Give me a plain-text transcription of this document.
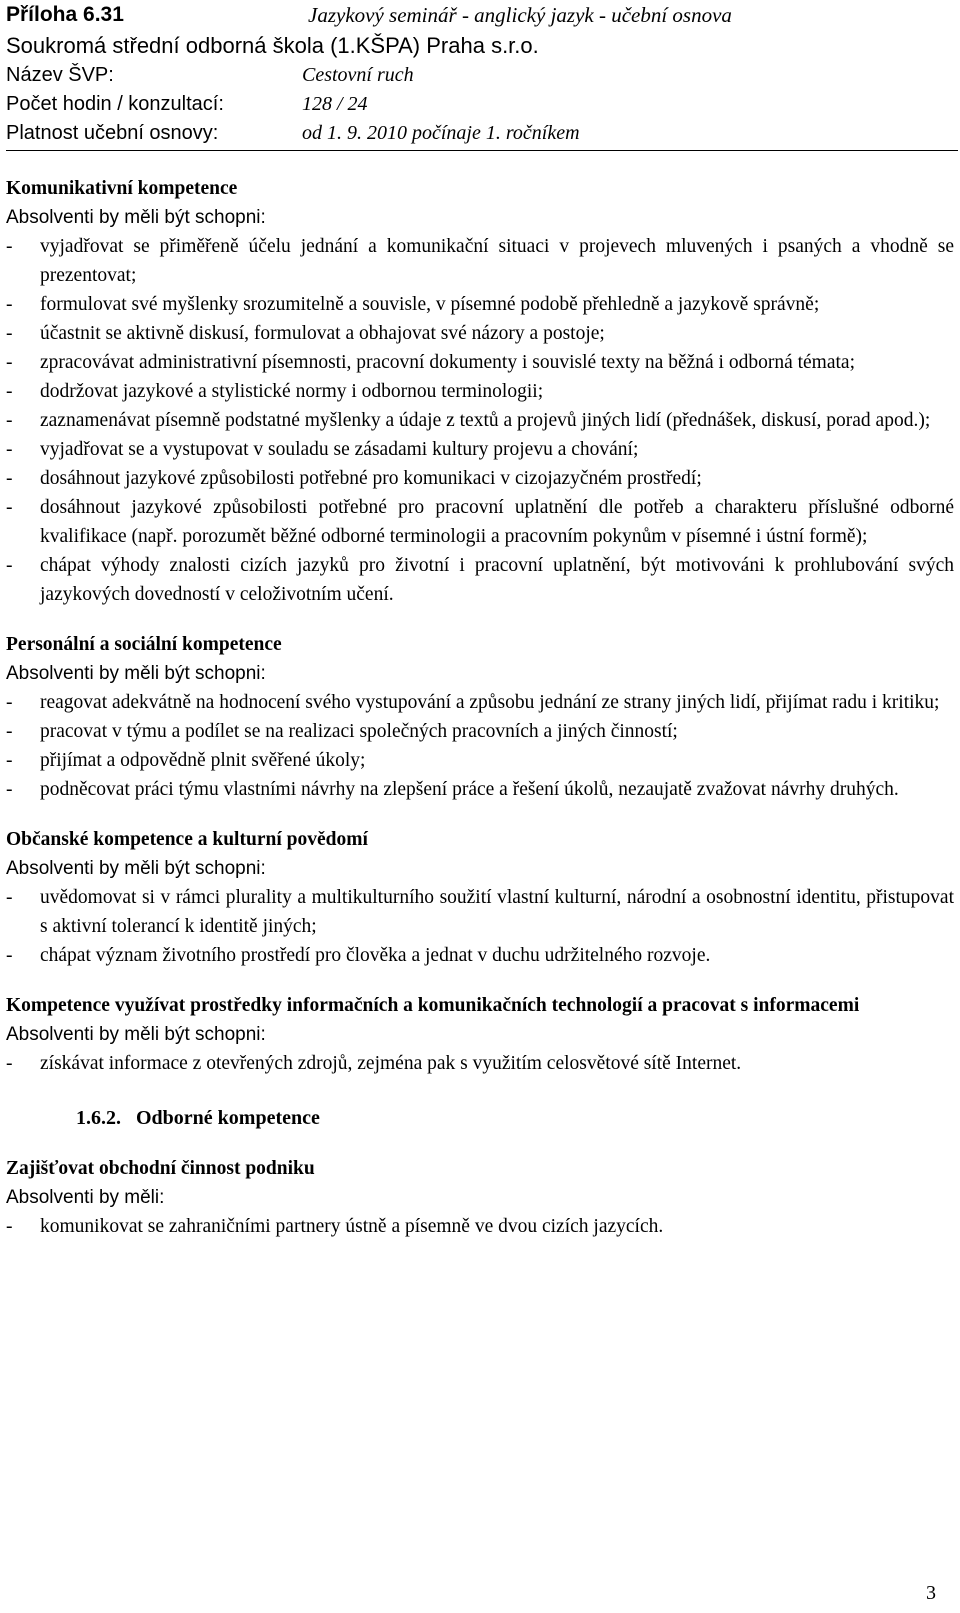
Příloha 6.31	Jazykový seminář - anglický jazyk - učební osnova
Soukromá střední odborná škola (1.KŠPA) Praha s.r.o.
Název ŠVP:	Cestovní ruch
Počet hodin / konzultací:	128 / 24
Platnost učební osnovy:	od 1. 9. 2010 počínaje 1. ročníkem

Komunikativní kompetence

Absolventi by měli být schopni:

- vyjadřovat se přiměřeně účelu jednání a komunikační situaci v projevech mluvených i psaných a vhodně se prezentovat;
- formulovat své myšlenky srozumitelně a souvisle, v písemné podobě přehledně a jazykově správně;
- účastnit se aktivně diskusí, formulovat a obhajovat své názory a postoje;
- zpracovávat administrativní písemnosti, pracovní dokumenty i souvislé texty na běžná i odborná témata;
- dodržovat jazykové a stylistické normy i odbornou terminologii;
- zaznamenávat písemně podstatné myšlenky a údaje z textů a projevů jiných lidí (přednášek, diskusí, porad apod.);
- vyjadřovat se a vystupovat v souladu se zásadami kultury projevu a chování;
- dosáhnout jazykové způsobilosti potřebné pro komunikaci v cizojazyčném prostředí;
- dosáhnout jazykové způsobilosti potřebné pro pracovní uplatnění dle potřeb a charakteru příslušné odborné kvalifikace (např. porozumět běžné odborné terminologii a pracovním pokynům v písemné i ústní formě);
- chápat výhody znalosti cizích jazyků pro životní i pracovní uplatnění, být motivováni k prohlubování svých jazykových dovedností v celoživotním učení.

Personální a sociální kompetence

Absolventi by měli být schopni:

- reagovat adekvátně na hodnocení svého vystupování a způsobu jednání ze strany jiných lidí, přijímat radu i kritiku;
- pracovat v týmu a podílet se na realizaci společných pracovních a jiných činností;
- přijímat a odpovědně plnit svěřené úkoly;
- podněcovat práci týmu vlastními návrhy na zlepšení práce a řešení úkolů, nezaujatě zvažovat návrhy druhých.

Občanské kompetence a kulturní povědomí

Absolventi by měli být schopni:

- uvědomovat si v rámci plurality a multikulturního soužití vlastní kulturní, národní a osobnostní identitu, přistupovat s aktivní tolerancí k identitě jiných;
- chápat význam životního prostředí pro člověka a jednat v duchu udržitelného rozvoje.

Kompetence využívat prostředky informačních a komunikačních technologií a pracovat s informacemi

Absolventi by měli být schopni:

- získávat informace z otevřených zdrojů, zejména pak s využitím celosvětové sítě Internet.

1.6.2. Odborné kompetence

Zajišťovat obchodní činnost podniku

Absolventi by měli:

- komunikovat se zahraničními partnery ústně a písemně ve dvou cizích jazycích.
3
